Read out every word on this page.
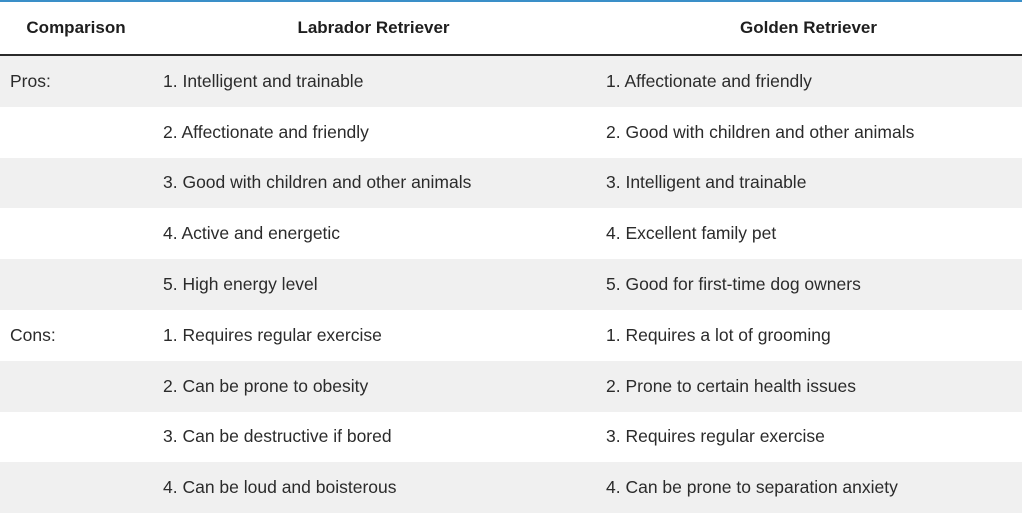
Comparison	Labrador Retriever	Golden Retriever
Pros:	1. Intelligent and trainable	1. Affectionate and friendly
	2. Affectionate and friendly	2. Good with children and other animals
	3. Good with children and other animals	3. Intelligent and trainable
	4. Active and energetic	4. Excellent family pet
	5. High energy level	5. Good for first-time dog owners
Cons:	1. Requires regular exercise	1. Requires a lot of grooming
	2. Can be prone to obesity	2. Prone to certain health issues
	3. Can be destructive if bored	3. Requires regular exercise
	4. Can be loud and boisterous	4. Can be prone to separation anxiety
